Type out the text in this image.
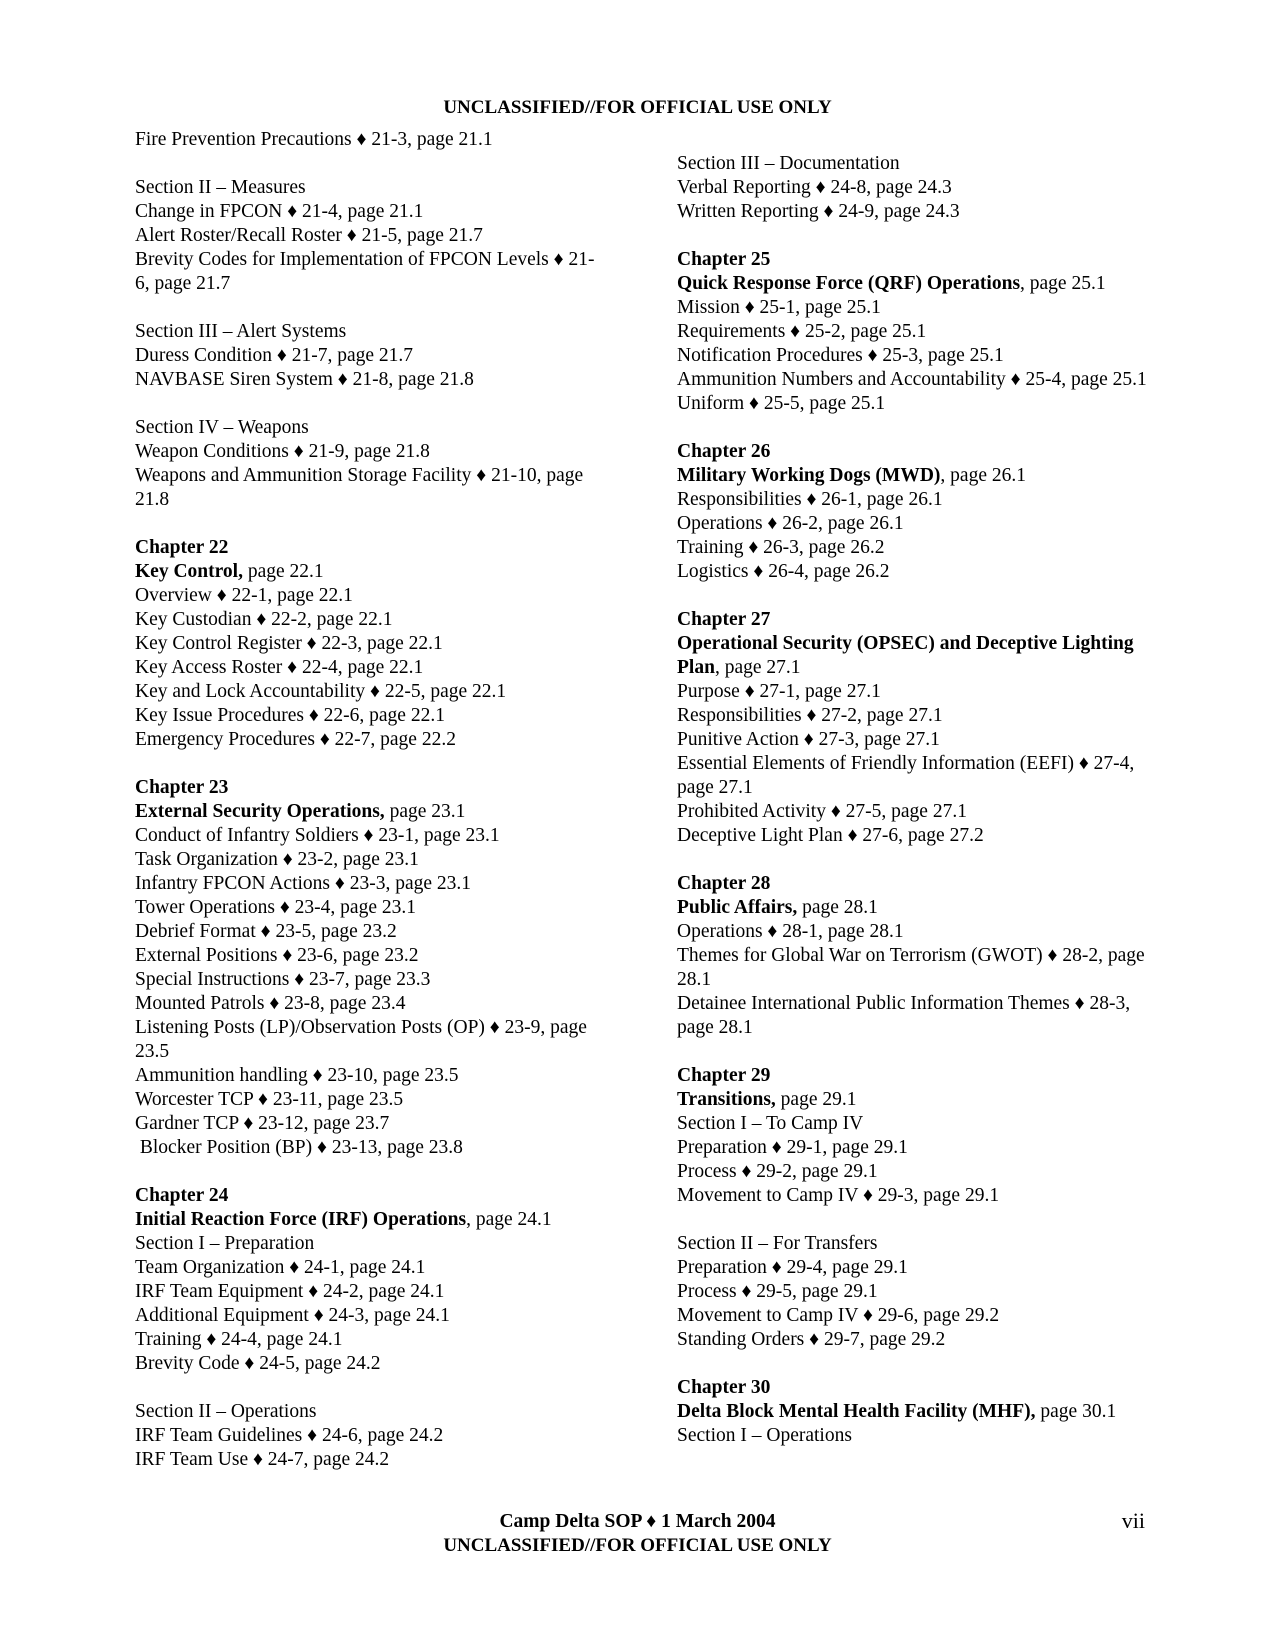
UNCLASSIFIED//FOR OFFICIAL USE ONLY
Fire Prevention Precautions ♦ 21-3, page 21.1
Section II – Measures
Change in FPCON ♦ 21-4, page 21.1
Alert Roster/Recall Roster ♦ 21-5, page 21.7
Brevity Codes for Implementation of FPCON Levels ♦ 21-6, page 21.7
Section III – Alert Systems
Duress Condition ♦ 21-7, page 21.7
NAVBASE Siren System ♦ 21-8, page 21.8
Section IV – Weapons
Weapon Conditions ♦ 21-9, page 21.8
Weapons and Ammunition Storage Facility ♦ 21-10, page 21.8
Chapter 22
Key Control, page 22.1
Overview ♦ 22-1, page 22.1
Key Custodian ♦ 22-2, page 22.1
Key Control Register ♦ 22-3, page 22.1
Key Access Roster ♦ 22-4, page 22.1
Key and Lock Accountability ♦ 22-5, page 22.1
Key Issue Procedures ♦ 22-6, page 22.1
Emergency Procedures ♦ 22-7, page 22.2
Chapter 23
External Security Operations, page 23.1
Conduct of Infantry Soldiers ♦ 23-1, page 23.1
Task Organization ♦ 23-2, page 23.1
Infantry FPCON Actions ♦ 23-3, page 23.1
Tower Operations ♦ 23-4, page 23.1
Debrief Format ♦ 23-5, page 23.2
External Positions ♦ 23-6, page 23.2
Special Instructions ♦ 23-7, page 23.3
Mounted Patrols ♦ 23-8, page 23.4
Listening Posts (LP)/Observation Posts (OP) ♦ 23-9, page 23.5
Ammunition handling ♦ 23-10, page 23.5
Worcester TCP ♦ 23-11, page 23.5
Gardner TCP ♦ 23-12, page 23.7
Blocker Position (BP) ♦ 23-13, page 23.8
Chapter 24
Initial Reaction Force (IRF) Operations, page 24.1
Section I – Preparation
Team Organization ♦ 24-1, page 24.1
IRF Team Equipment ♦ 24-2, page 24.1
Additional Equipment ♦ 24-3, page 24.1
Training ♦ 24-4, page 24.1
Brevity Code ♦ 24-5, page 24.2
Section II – Operations
IRF Team Guidelines ♦ 24-6, page 24.2
IRF Team Use ♦ 24-7, page 24.2
Section III – Documentation
Verbal Reporting ♦ 24-8, page 24.3
Written Reporting ♦ 24-9, page 24.3
Chapter 25
Quick Response Force (QRF) Operations, page 25.1
Mission ♦ 25-1, page 25.1
Requirements ♦ 25-2, page 25.1
Notification Procedures ♦ 25-3, page 25.1
Ammunition Numbers and Accountability ♦ 25-4, page 25.1
Uniform ♦ 25-5, page 25.1
Chapter 26
Military Working Dogs (MWD), page 26.1
Responsibilities ♦ 26-1, page 26.1
Operations ♦ 26-2, page 26.1
Training ♦ 26-3, page 26.2
Logistics ♦ 26-4, page 26.2
Chapter 27
Operational Security (OPSEC) and Deceptive Lighting Plan, page 27.1
Purpose ♦ 27-1, page 27.1
Responsibilities ♦ 27-2, page 27.1
Punitive Action ♦ 27-3, page 27.1
Essential Elements of Friendly Information (EEFI) ♦ 27-4, page 27.1
Prohibited Activity ♦ 27-5, page 27.1
Deceptive Light Plan ♦ 27-6, page 27.2
Chapter 28
Public Affairs, page 28.1
Operations ♦ 28-1, page 28.1
Themes for Global War on Terrorism (GWOT) ♦ 28-2, page 28.1
Detainee International Public Information Themes ♦ 28-3, page 28.1
Chapter 29
Transitions, page 29.1
Section I – To Camp IV
Preparation ♦ 29-1, page 29.1
Process ♦ 29-2, page 29.1
Movement to Camp IV ♦ 29-3, page 29.1
Section II – For Transfers
Preparation ♦ 29-4, page 29.1
Process ♦ 29-5, page 29.1
Movement to Camp IV ♦ 29-6, page 29.2
Standing Orders ♦ 29-7, page 29.2
Chapter 30
Delta Block Mental Health Facility (MHF), page 30.1
Section I – Operations
Camp Delta SOP ♦ 1 March 2004
UNCLASSIFIED//FOR OFFICIAL USE ONLY
vii
